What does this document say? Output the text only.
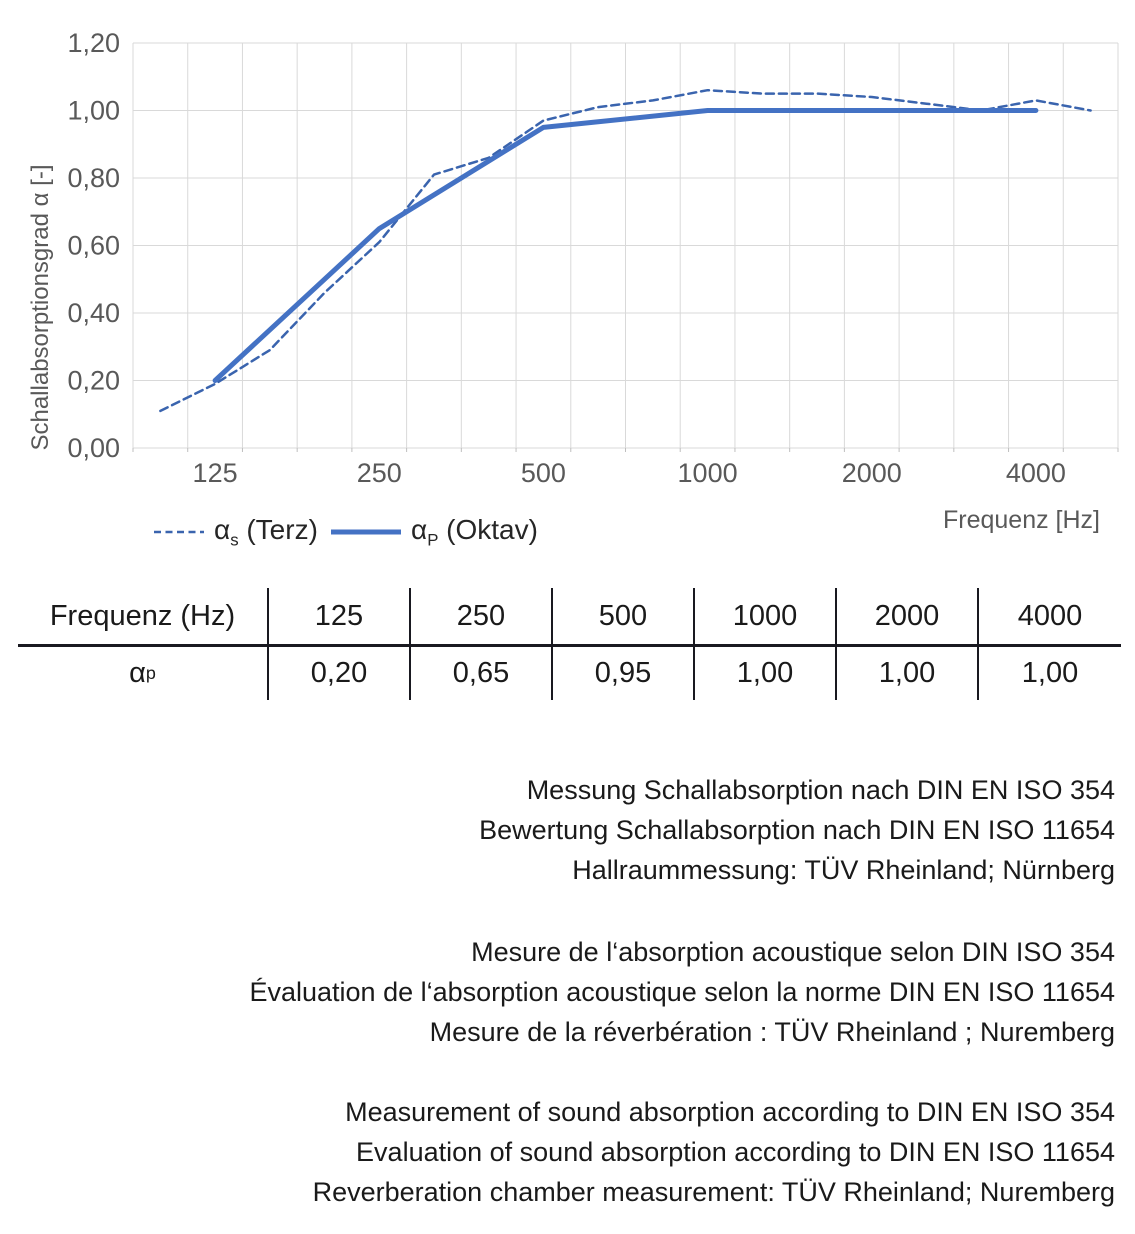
1,20
1,00
0,80
0,60
0,40
0,20
0,00
125	250	500	1000	2000	4000
Schallabsorptionsgrad α [-]
Frequenz [Hz]
$\alpha_s$ (Terz)	$\alpha_P$ (Oktav)
Frequenz (Hz)	125	250	500	1000	2000	4000
α p	0,20	0,65	0,95	1,00	1,00	1,00
Messung Schallabsorption nach DIN EN ISO 354
Bewertung Schallabsorption nach DIN EN ISO 11654
Hallraummessung: TÜV Rheinland; Nürnberg
Mesure de l‘absorption acoustique selon DIN ISO 354
Évaluation de l‘absorption acoustique selon la norme DIN EN ISO 11654
Mesure de la réverbération : TÜV Rheinland ; Nuremberg
Measurement of sound absorption according to DIN EN ISO 354
Evaluation of sound absorption according to DIN EN ISO 11654
Reverberation chamber measurement: TÜV Rheinland; Nuremberg
